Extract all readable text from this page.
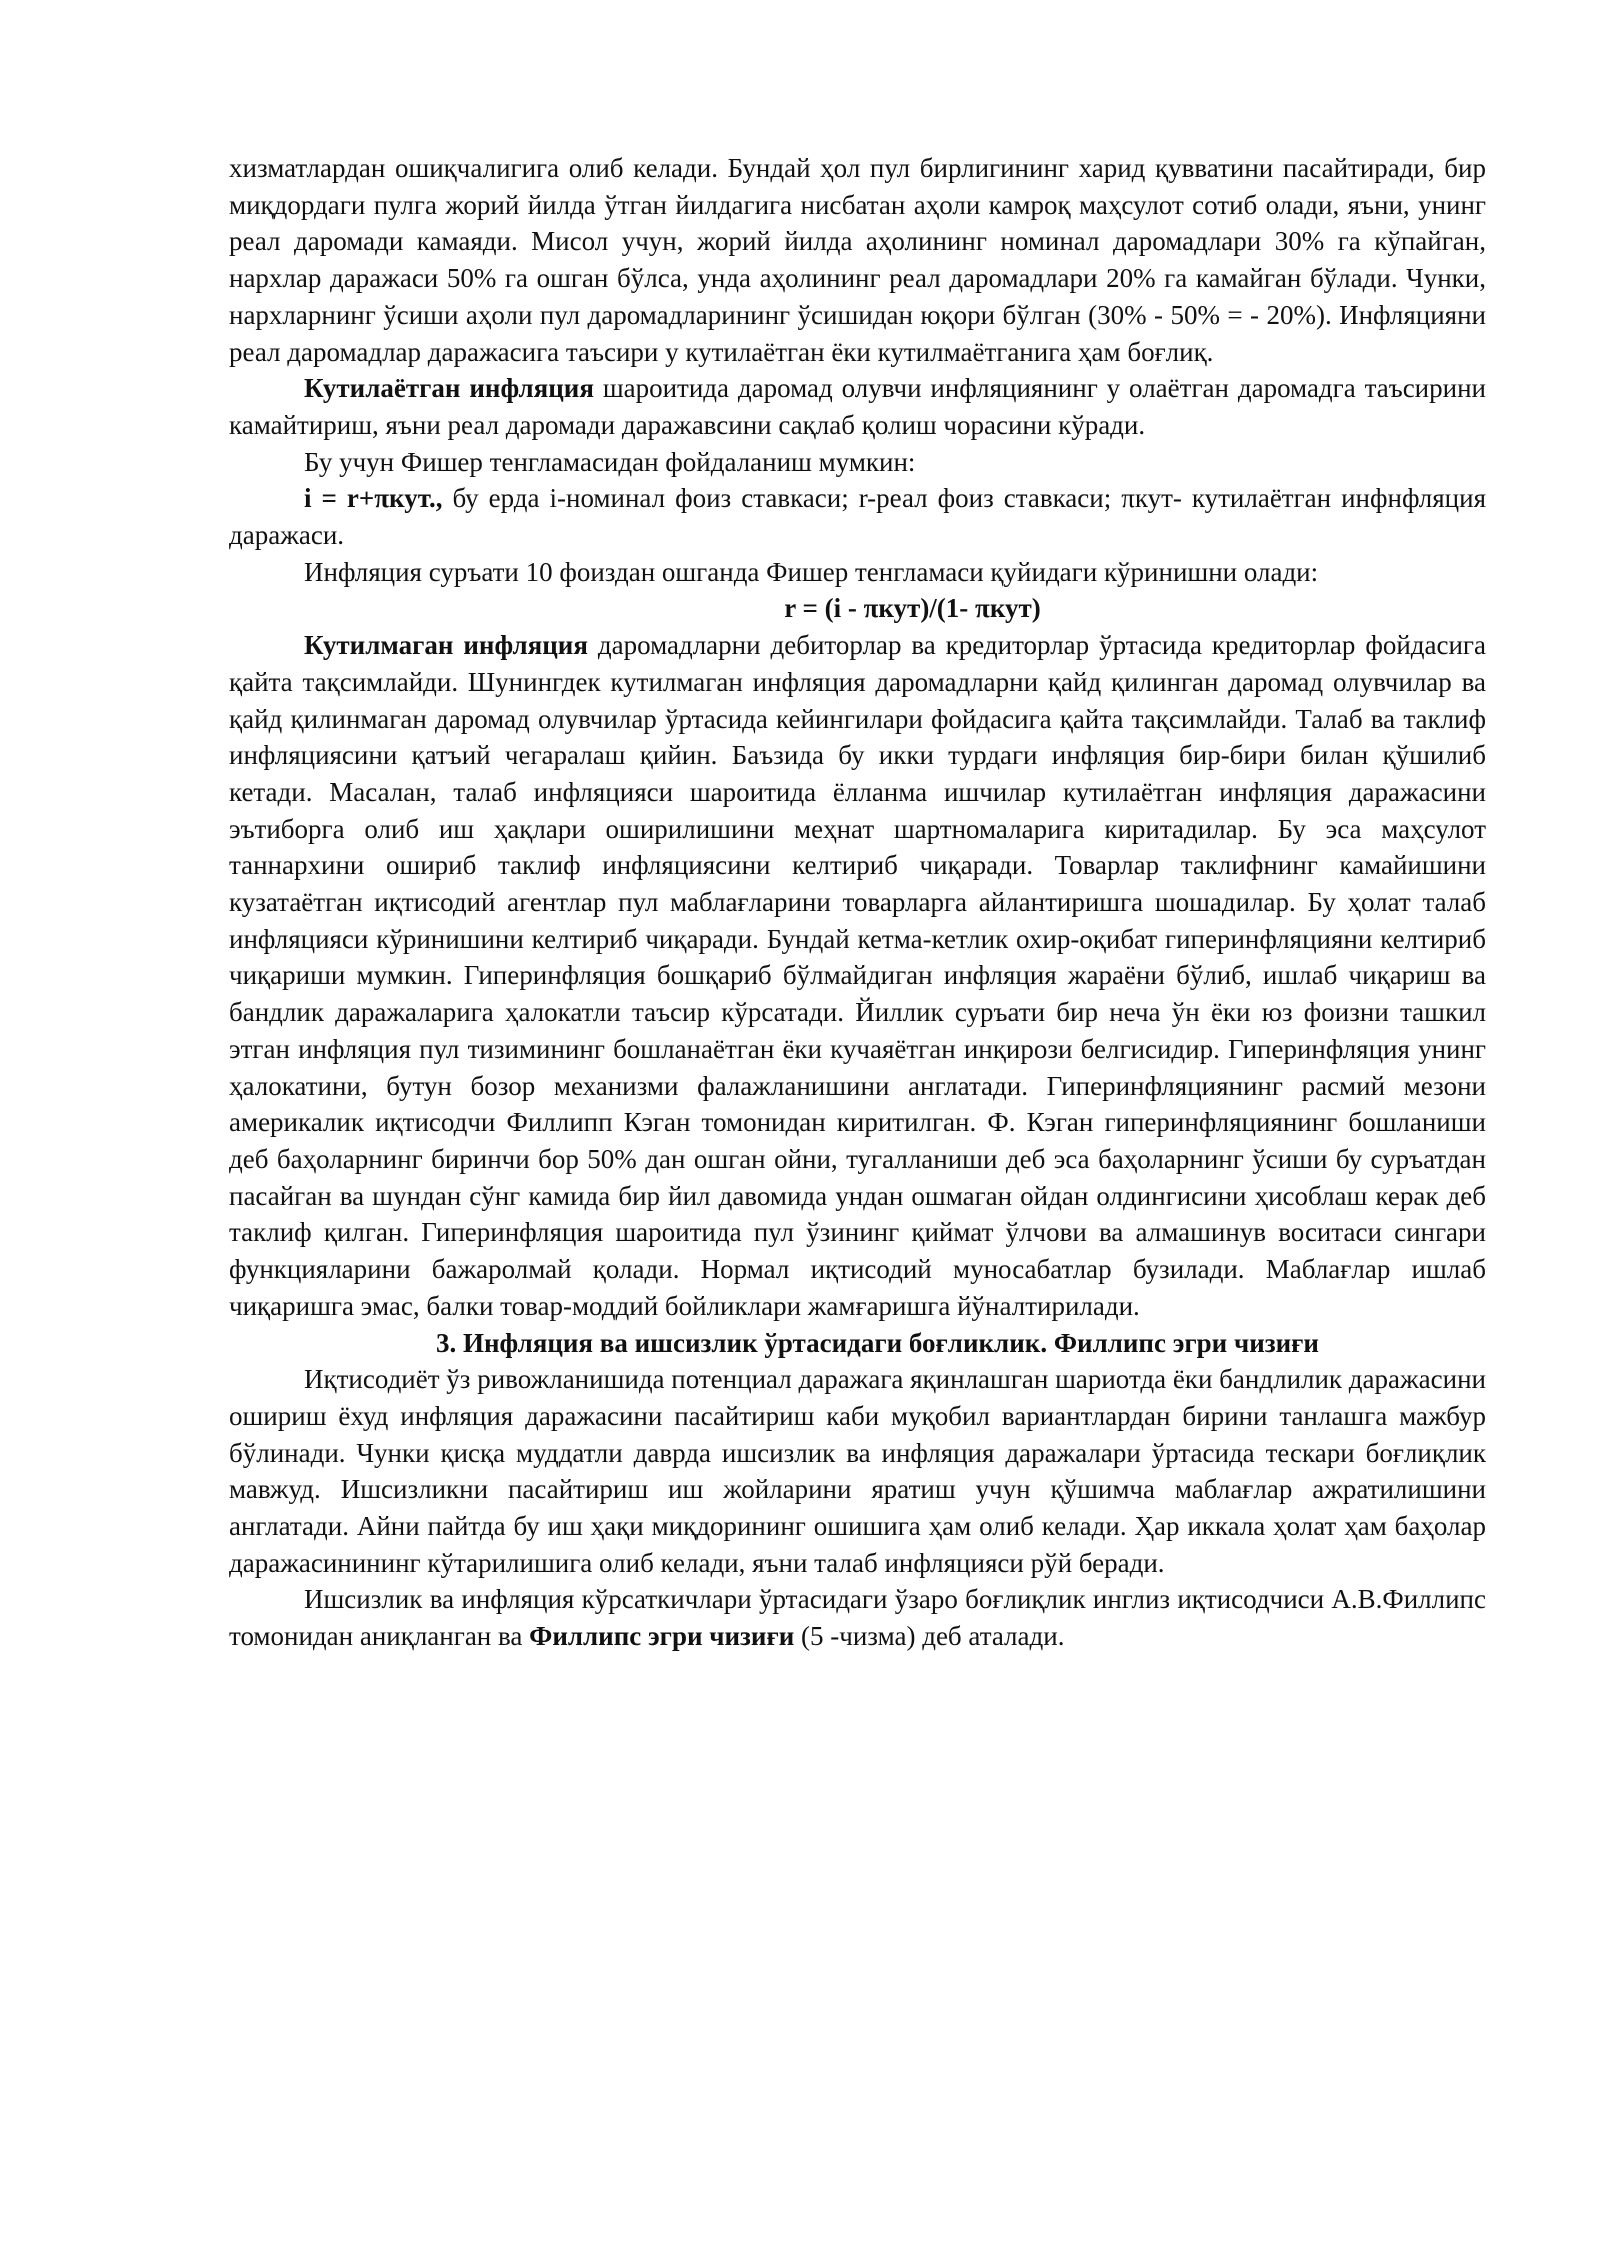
хизматлардан ошиқчалигига олиб келади. Бундай ҳол пул бирлигининг харид қувватини пасайтиради, бир миқдордаги пулга жорий йилда ўтган йилдагига нисбатан аҳоли камроқ маҳсулот сотиб олади, яъни, унинг реал даромади камаяди. Мисол учун, жорий йилда аҳолининг номинал даромадлари 30% га кўпайган, нархлар даражаси 50% га ошган бўлса, унда аҳолининг реал даромадлари 20% га камайган бўлади. Чунки, нархларнинг ўсиши аҳоли пул даромадларининг ўсишидан юқори бўлган (30% - 50% = - 20%). Инфляцияни реал даромадлар даражасига таъсири у кутилаётган ёки кутилмаётганига ҳам боғлиқ.

Кутилаётган инфляция шароитида даромад олувчи инфляциянинг у олаётган даромадга таъсирини камайтириш, яъни реал даромади даражавсини сақлаб қолиш чорасини кўради.

Бу учун Фишер тенгламасидан фойдаланиш мумкин:

i = r+πкут., бу ерда i-номинал фоиз ставкаси; r-реал фоиз ставкаси; πкут- кутилаётган инфнфляция даражаси.

Инфляция суръати 10 фоиздан ошганда Фишер тенгламаси қуйидаги кўринишни олади:

r = (i - πкут)/(1- πкут)

Кутилмаган инфляция даромадларни дебиторлар ва кредиторлар ўртасида кредиторлар фойдасига қайта тақсимлайди. Шунингдек кутилмаган инфляция даромадларни қайд қилинган даромад олувчилар ва қайд қилинмаган даромад олувчилар ўртасида кейингилари фойдасига қайта тақсимлайди. Талаб ва таклиф инфляциясини қатъий чегаралаш қийин. Баъзида бу икки турдаги инфляция бир-бири билан қўшилиб кетади. Масалан, талаб инфляцияси шароитида ёлланма ишчилар кутилаётган инфляция даражасини эътиборга олиб иш ҳақлари оширилишини меҳнат шартномаларига киритадилар. Бу эса маҳсулот таннархини ошириб таклиф инфляциясини келтириб чиқаради. Товарлар таклифнинг камайишини кузатаётган иқтисодий агентлар пул маблағларини товарларга айлантиришга шошадилар. Бу ҳолат талаб инфляцияси кўринишини келтириб чиқаради. Бундай кетма-кетлик охир-оқибат гиперинфляцияни келтириб чиқариши мумкин. Гиперинфляция бошқариб бўлмайдиган инфляция жараёни бўлиб, ишлаб чиқариш ва бандлик даражаларига ҳалокатли таъсир кўрсатади. Йиллик суръати бир неча ўн ёки юз фоизни ташкил этган инфляция пул тизимининг бошланаётган ёки кучаяётган инқирози белгисидир. Гиперинфляция унинг ҳалокатини, бутун бозор механизми фалажланишини англатади. Гиперинфляциянинг расмий мезони америкалик иқтисодчи Филлипп Кэган томонидан киритилган. Ф. Кэган гиперинфляциянинг бошланиши деб баҳоларнинг биринчи бор 50% дан ошган ойни, тугалланиши деб эса баҳоларнинг ўсиши бу суръатдан пасайган ва шундан сўнг камида бир йил давомида ундан ошмаган ойдан олдингисини ҳисоблаш керак деб таклиф қилган. Гиперинфляция шароитида пул ўзининг қиймат ўлчови ва алмашинув воситаси сингари функцияларини бажаролмай қолади. Нормал иқтисодий муносабатлар бузилади. Маблағлар ишлаб чиқаришга эмас, балки товар-моддий бойликлари жамғаришга йўналтирилади.

3. Инфляция ва ишсизлик ўртасидаги боғликлик. Филлипс эгри чизиғи

Иқтисодиёт ўз ривожланишида потенциал даражага яқинлашган шариотда ёки бандлилик даражасини ошириш ёхуд инфляция даражасини пасайтириш каби муқобил вариантлардан бирини танлашга мажбур бўлинади. Чунки қисқа муддатли даврда ишсизлик ва инфляция даражалари ўртасида тескари боғлиқлик мавжуд. Ишсизликни пасайтириш иш жойларини яратиш учун қўшимча маблағлар ажратилишини англатади. Айни пайтда бу иш ҳақи миқдорининг ошишига ҳам олиб келади. Ҳар иккала ҳолат ҳам баҳолар даражасинининг кўтарилишига олиб келади, яъни талаб инфляцияси рўй беради.

Ишсизлик ва инфляция кўрсаткичлари ўртасидаги ўзаро боғлиқлик инглиз иқтисодчиси А.В.Филлипс томонидан аниқланган ва Филлипс эгри чизиғи (5 -чизма) деб аталади.
